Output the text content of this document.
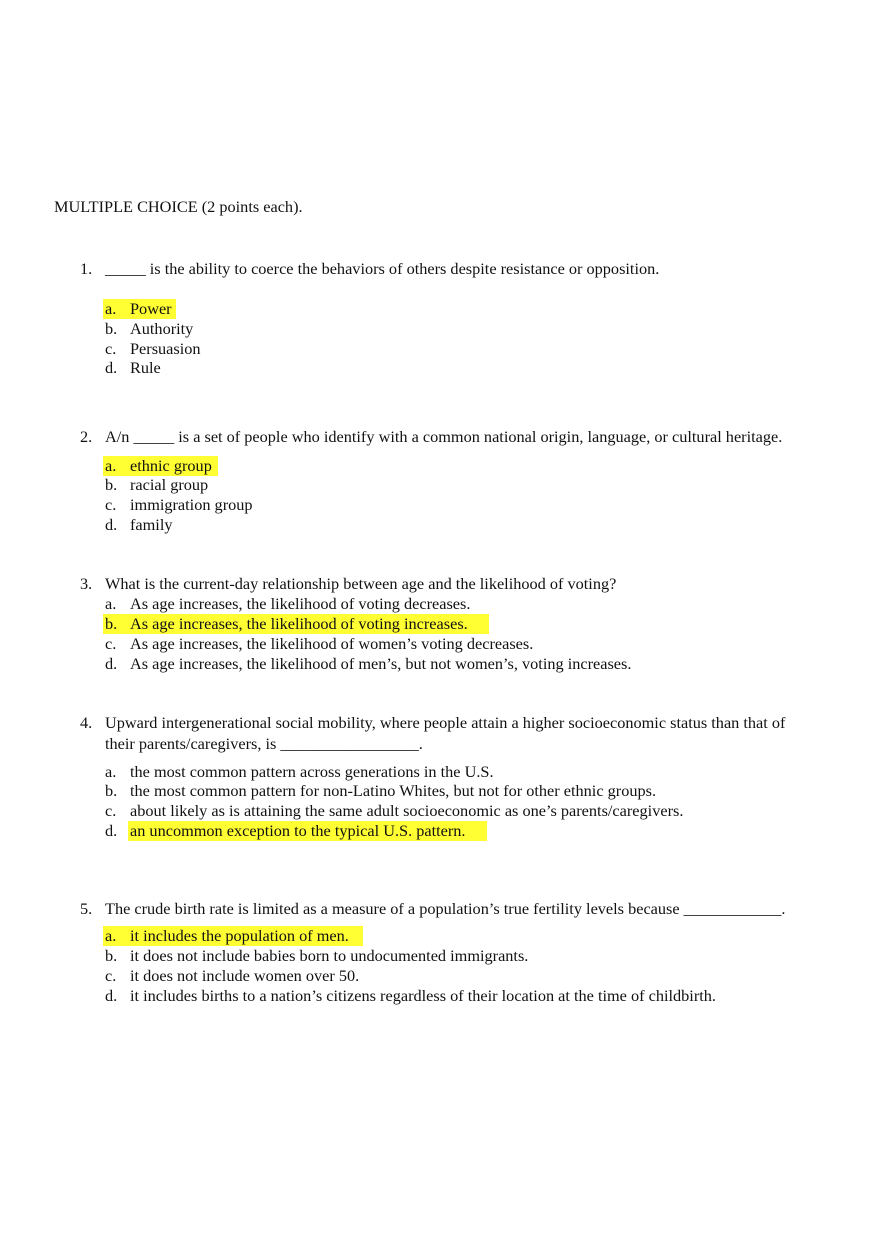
MULTIPLE CHOICE (2 points each).
1. _____ is the ability to coerce the behaviors of others despite resistance or opposition.
a. Power
b. Authority
c. Persuasion
d. Rule
2. A/n _____ is a set of people who identify with a common national origin, language, or cultural heritage.
a. ethnic group
b. racial group
c. immigration group
d. family
3. What is the current-day relationship between age and the likelihood of voting?
a. As age increases, the likelihood of voting decreases.
b. As age increases, the likelihood of voting increases.
c. As age increases, the likelihood of women’s voting decreases.
d. As age increases, the likelihood of men’s, but not women’s, voting increases.
4. Upward intergenerational social mobility, where people attain a higher socioeconomic status than that of
their parents/caregivers, is _________________.
a. the most common pattern across generations in the U.S.
b. the most common pattern for non-Latino Whites, but not for other ethnic groups.
c. about likely as is attaining the same adult socioeconomic as one’s parents/caregivers.
d. an uncommon exception to the typical U.S. pattern.
5. The crude birth rate is limited as a measure of a population’s true fertility levels because ____________.
a. it includes the population of men.
b. it does not include babies born to undocumented immigrants.
c. it does not include women over 50.
d. it includes births to a nation’s citizens regardless of their location at the time of childbirth.
